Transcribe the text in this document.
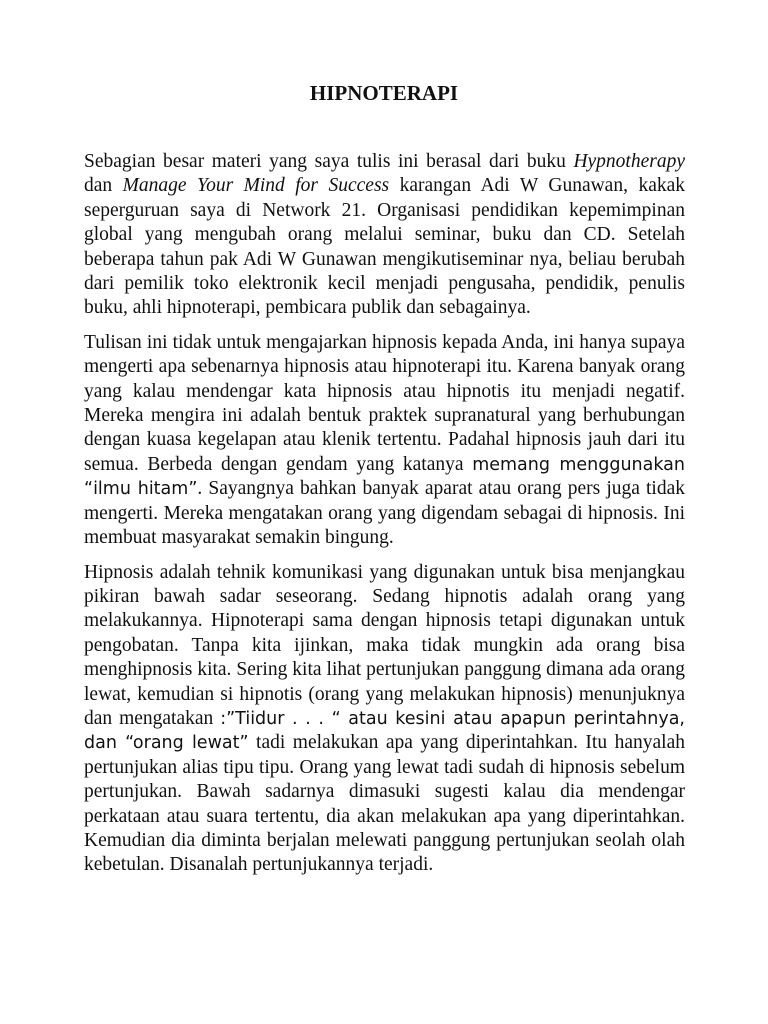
HIPNOTERAPI

Sebagian besar materi yang saya tulis ini berasal dari buku Hypnotherapy dan Manage Your Mind for Success karangan Adi W Gunawan, kakak seperguruan saya di Network 21. Organisasi pendidikan kepemimpinan global yang mengubah orang melalui seminar, buku dan CD. Setelah beberapa tahun pak Adi W Gunawan mengikutiseminar nya, beliau berubah dari pemilik toko elektronik kecil menjadi pengusaha, pendidik, penulis buku, ahli hipnoterapi, pembicara publik dan sebagainya.

Tulisan ini tidak untuk mengajarkan hipnosis kepada Anda, ini hanya supaya mengerti apa sebenarnya hipnosis atau hipnoterapi itu. Karena banyak orang yang kalau mendengar kata hipnosis atau hipnotis itu menjadi negatif. Mereka mengira ini adalah bentuk praktek supranatural yang berhubungan dengan kuasa kegelapan atau klenik tertentu. Padahal hipnosis jauh dari itu semua. Berbeda dengan gendam yang katanya memang menggunakan “ilmu hitam”. Sayangnya bahkan banyak aparat atau orang pers juga tidak mengerti. Mereka mengatakan orang yang digendam sebagai di hipnosis. Ini membuat masyarakat semakin bingung.

Hipnosis adalah tehnik komunikasi yang digunakan untuk bisa menjangkau pikiran bawah sadar seseorang. Sedang hipnotis adalah orang yang melakukannya. Hipnoterapi sama dengan hipnosis tetapi digunakan untuk pengobatan. Tanpa kita ijinkan, maka tidak mungkin ada orang bisa menghipnosis kita. Sering kita lihat pertunjukan panggung dimana ada orang lewat, kemudian si hipnotis (orang yang melakukan hipnosis) menunjuknya dan mengatakan :”Tiidur . . . “ atau kesini atau apapun perintahnya, dan “orang lewat” tadi melakukan apa yang diperintahkan. Itu hanyalah pertunjukan alias tipu tipu. Orang yang lewat tadi sudah di hipnosis sebelum pertunjukan. Bawah sadarnya dimasuki sugesti kalau dia mendengar perkataan atau suara tertentu, dia akan melakukan apa yang diperintahkan. Kemudian dia diminta berjalan melewati panggung pertunjukan seolah olah kebetulan. Disanalah pertunjukannya terjadi.
